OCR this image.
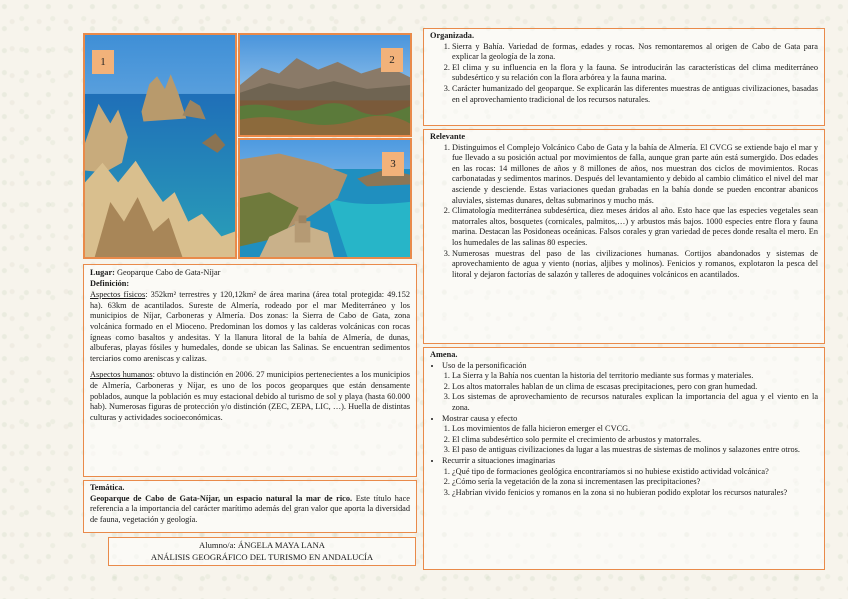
1	2
3
Lugar: Geoparque Cabo de Gata-Níjar
Definición:
Aspectos físicos: 352km² terrestres y 120,12km² de área marina (área total protegida: 49.152 ha). 63km de acantilados. Sureste de Almería, rodeado por el mar Mediterráneo y los municipios de Níjar, Carboneras y Almería. Dos zonas: la Sierra de Cabo de Gata, zona volcánica formado en el Mioceno. Predominan los domos y las calderas volcánicas con rocas ígneas como basaltos y andesitas. Y la llanura litoral de la bahía de Almería, de dunas, albuferas, playas fósiles y humedales, donde se ubican las Salinas. Se encuentran sedimentos terciarios como areniscas y calizas.
Aspectos humanos: obtuvo la distinción en 2006. 27 municipios pertenecientes a los municipios de Almería, Carboneras y Níjar, es uno de los pocos geoparques que están densamente poblados, aunque la población es muy estacional debido al turismo de sol y playa (hasta 60.000 hab). Numerosas figuras de protección y/o distinción (ZEC, ZEPA, LIC, …). Huella de distintas culturas y actividades socioeconómicas.
Temática.
Geoparque de Cabo de Gata-Níjar, un espacio natural la mar de rico. Este título hace referencia a la importancia del carácter marítimo además del gran valor que aporta la diversidad de fauna, vegetación y geología.
Alumno/a: ÁNGELA MAYA LANA
ANÁLISIS GEOGRÁFICO DEL TURISMO EN ANDALUCÍA
Organizada.
1. Sierra y Bahía. Variedad de formas, edades y rocas. Nos remontaremos al origen de Cabo de Gata para explicar la geología de la zona.
2. El clima y su influencia en la flora y la fauna. Se introducirán las características del clima mediterráneo subdesértico y su relación con la flora arbórea y la fauna marina.
3. Carácter humanizado del geoparque. Se explicarán las diferentes muestras de antiguas civilizaciones, basadas en el aprovechamiento tradicional de los recursos naturales.
Relevante
1. Distinguimos el Complejo Volcánico Cabo de Gata y la bahía de Almería. El CVCG se extiende bajo el mar y fue llevado a su posición actual por movimientos de falla, aunque gran parte aún está sumergido. Dos edades en las rocas: 14 millones de años y 8 millones de años, nos muestran dos ciclos de movimientos. Rocas carbonatadas y sedimentos marinos. Después del levantamiento y debido al cambio climático el nivel del mar asciende y desciende. Estas variaciones quedan grabadas en la bahía donde se pueden encontrar abanicos aluviales, sistemas dunares, deltas submarinos y mucho más.
2. Climatología mediterránea subdesértica, diez meses áridos al año. Esto hace que las especies vegetales sean matorrales altos, bosquetes (cornicales, palmitos,…) y arbustos más bajos. 1000 especies entre flora y fauna marina. Destacan las Posidoneas oceánicas. Falsos corales y gran variedad de peces donde resalta el mero. En los humedales de las salinas 80 especies.
3. Numerosas muestras del paso de las civilizaciones humanas. Cortijos abandonados y sistemas de aprovechamiento de agua y viento (norias, aljibes y molinos). Fenicios y romanos, explotaron la pesca del litoral y dejaron factorías de salazón y talleres de adoquines volcánicos en acantilados.
Amena.
• Uso de la personificación
1. La Sierra y la Bahía nos cuentan la historia del territorio mediante sus formas y materiales.
2. Los altos matorrales hablan de un clima de escasas precipitaciones, pero con gran humedad.
3. Los sistemas de aprovechamiento de recursos naturales explican la importancia del agua y el viento en la zona.
• Mostrar causa y efecto
1. Los movimientos de falla hicieron emerger el CVCG.
2. El clima subdesértico solo permite el crecimiento de arbustos y matorrales.
3. El paso de antiguas civilizaciones da lugar a las muestras de sistemas de molinos y salazones entre otros.
• Recurrir a situaciones imaginarias
1. ¿Qué tipo de formaciones geológica encontraríamos si no hubiese existido actividad volcánica?
2. ¿Cómo sería la vegetación de la zona si incrementasen las precipitaciones?
3. ¿Habrían vivido fenicios y romanos en la zona si no hubieran podido explotar los recursos naturales?
